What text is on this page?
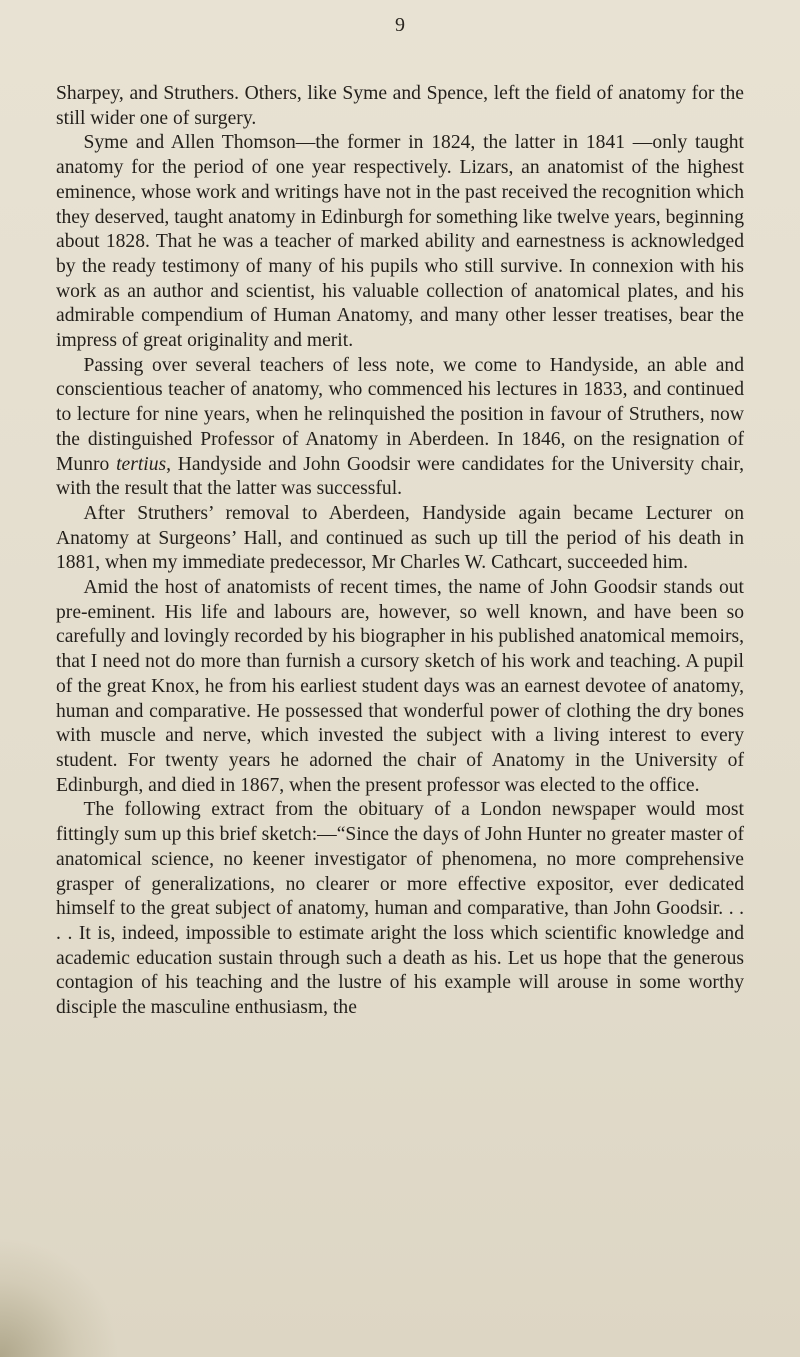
9

Sharpey, and Struthers. Others, like Syme and Spence, left the field of anatomy for the still wider one of surgery.

Syme and Allen Thomson—the former in 1824, the latter in 1841 —only taught anatomy for the period of one year respectively. Lizars, an anatomist of the highest eminence, whose work and writings have not in the past received the recognition which they deserved, taught anatomy in Edinburgh for something like twelve years, beginning about 1828. That he was a teacher of marked ability and earnestness is acknowledged by the ready testimony of many of his pupils who still survive. In connexion with his work as an author and scientist, his valuable collection of anatomical plates, and his admirable compendium of Human Anatomy, and many other lesser treatises, bear the impress of great originality and merit.

Passing over several teachers of less note, we come to Handyside, an able and conscientious teacher of anatomy, who commenced his lectures in 1833, and continued to lecture for nine years, when he relinquished the position in favour of Struthers, now the distinguished Professor of Anatomy in Aberdeen. In 1846, on the resignation of Munro tertius, Handyside and John Goodsir were candidates for the University chair, with the result that the latter was successful.

After Struthers’ removal to Aberdeen, Handyside again became Lecturer on Anatomy at Surgeons’ Hall, and continued as such up till the period of his death in 1881, when my immediate predecessor, Mr Charles W. Cathcart, succeeded him.

Amid the host of anatomists of recent times, the name of John Goodsir stands out pre-eminent. His life and labours are, however, so well known, and have been so carefully and lovingly recorded by his biographer in his published anatomical memoirs, that I need not do more than furnish a cursory sketch of his work and teaching. A pupil of the great Knox, he from his earliest student days was an earnest devotee of anatomy, human and comparative. He possessed that wonderful power of clothing the dry bones with muscle and nerve, which invested the subject with a living interest to every student. For twenty years he adorned the chair of Anatomy in the University of Edinburgh, and died in 1867, when the present professor was elected to the office.

The following extract from the obituary of a London newspaper would most fittingly sum up this brief sketch:—“Since the days of John Hunter no greater master of anatomical science, no keener investigator of phenomena, no more comprehensive grasper of generalizations, no clearer or more effective expositor, ever dedicated himself to the great subject of anatomy, human and comparative, than John Goodsir. . . . . It is, indeed, impossible to estimate aright the loss which scientific knowledge and academic education sustain through such a death as his. Let us hope that the generous contagion of his teaching and the lustre of his example will arouse in some worthy disciple the masculine enthusiasm, the
